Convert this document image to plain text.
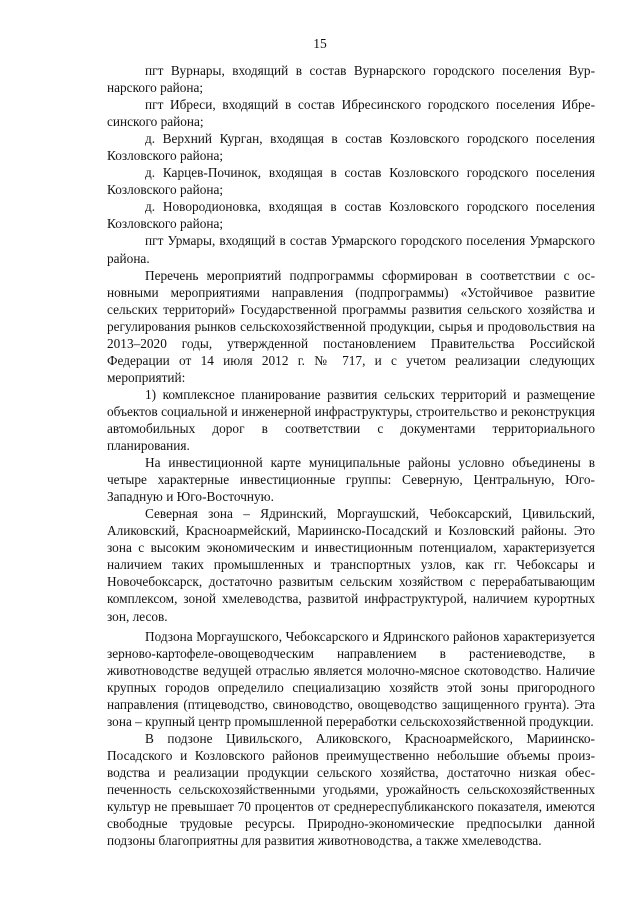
15

пгт Вурнары, входящий в состав Вурнарского городского поселения Вурнарского района;

пгт Ибреси, входящий в состав Ибресинского городского поселения Ибресинского района;

д. Верхний Курган, входящая в состав Козловского городского поселения Козловского района;

д. Карцев-Починок, входящая в состав Козловского городского поселения Козловского района;

д. Новородионовка, входящая в состав Козловского городского поселения Козловского района;

пгт Урмары, входящий в состав Урмарского городского поселения Урмарского района.

Перечень мероприятий подпрограммы сформирован в соответствии с основными мероприятиями направления (подпрограммы) «Устойчивое развитие сельских территорий» Государственной программы развития сельского хозяйства и регулирования рынков сельскохозяйственной продукции, сырья и продовольствия на 2013–2020 годы, утвержденной постановлением Правительства Российской Федерации от 14 июля 2012 г. № 717, и с учетом реализации следующих мероприятий:

1) комплексное планирование развития сельских территорий и размещение объектов социальной и инженерной инфраструктуры, строительство и реконструкция автомобильных дорог в соответствии с документами территориального планирования.

На инвестиционной карте муниципальные районы условно объединены в четыре характерные инвестиционные группы: Северную, Центральную, Юго-Западную и Юго-Восточную.

Северная зона – Ядринский, Моргаушский, Чебоксарский, Цивильский, Аликовский, Красноармейский, Мариинско-Посадский и Козловский районы. Это зона с высоким экономическим и инвестиционным потенциалом, характеризуется наличием таких промышленных и транспортных узлов, как гг. Чебоксары и Новочебоксарск, достаточно развитым сельским хозяйством с перерабатывающим комплексом, зоной хмелеводства, развитой инфраструктурой, наличием курортных зон, лесов.

Подзона Моргаушского, Чебоксарского и Ядринского районов характеризуется зерново-картофеле-овощеводческим направлением в растениеводстве, в животноводстве ведущей отраслью является молочно-мясное скотоводство. Наличие крупных городов определило специализацию хозяйств этой зоны пригородного направления (птицеводство, свиноводство, овощеводство защищенного грунта). Эта зона – крупный центр промышленной переработки сельскохозяйственной продукции.

В подзоне Цивильского, Аликовского, Красноармейского, Мариинско-Посадского и Козловского районов преимущественно небольшие объемы производства и реализации продукции сельского хозяйства, достаточно низкая обеспеченность сельскохозяйственными угодьями, урожайность сельскохозяйственных культур не превышает 70 процентов от среднереспубликанского показателя, имеются свободные трудовые ресурсы. Природно-экономические предпосылки данной подзоны благоприятны для развития животноводства, а также хмелеводства.
